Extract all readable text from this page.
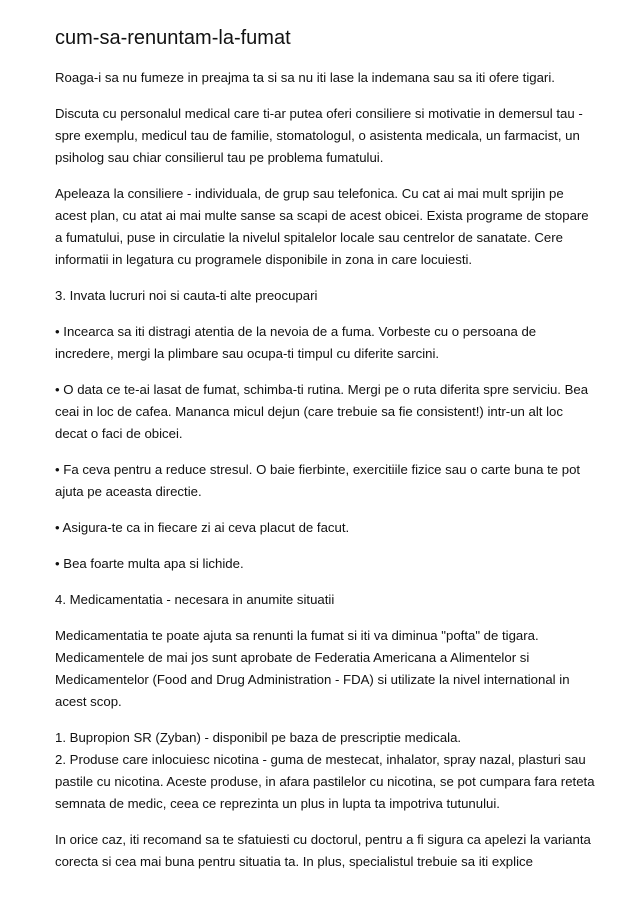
cum-sa-renuntam-la-fumat

Roaga-i sa nu fumeze in preajma ta si sa nu iti lase la indemana sau sa iti ofere tigari.

Discuta cu personalul medical care ti-ar putea oferi consiliere si motivatie in demersul tau - spre exemplu, medicul tau de familie, stomatologul, o asistenta medicala, un farmacist, un psiholog sau chiar consilierul tau pe problema fumatului.

Apeleaza la consiliere - individuala, de grup sau telefonica. Cu cat ai mai mult sprijin pe acest plan, cu atat ai mai multe sanse sa scapi de acest obicei. Exista programe de stopare a fumatului, puse in circulatie la nivelul spitalelor locale sau centrelor de sanatate. Cere informatii in legatura cu programele disponibile in zona in care locuiesti.

3. Invata lucruri noi si cauta-ti alte preocupari

• Incearca sa iti distragi atentia de la nevoia de a fuma. Vorbeste cu o persoana de incredere, mergi la plimbare sau ocupa-ti timpul cu diferite sarcini.

• O data ce te-ai lasat de fumat, schimba-ti rutina. Mergi pe o ruta diferita spre serviciu. Bea ceai in loc de cafea. Mananca micul dejun (care trebuie sa fie consistent!) intr-un alt loc decat o faci de obicei.

• Fa ceva pentru a reduce stresul. O baie fierbinte, exercitiile fizice sau o carte buna te pot ajuta pe aceasta directie.

• Asigura-te ca in fiecare zi ai ceva placut de facut.

• Bea foarte multa apa si lichide.

4. Medicamentatia - necesara in anumite situatii

Medicamentatia te poate ajuta sa renunti la fumat si iti va diminua "pofta" de tigara. Medicamentele de mai jos sunt aprobate de Federatia Americana a Alimentelor si Medicamentelor (Food and Drug Administration - FDA) si utilizate la nivel international in acest scop.

1. Bupropion SR (Zyban) - disponibil pe baza de prescriptie medicala.

2. Produse care inlocuiesc nicotina - guma de mestecat, inhalator, spray nazal, plasturi sau pastile cu nicotina. Aceste produse, in afara pastilelor cu nicotina, se pot cumpara fara reteta semnata de medic, ceea ce reprezinta un plus in lupta ta impotriva tutunului.

In orice caz, iti recomand sa te sfatuiesti cu doctorul, pentru a fi sigura ca apelezi la varianta corecta si cea mai buna pentru situatia ta. In plus, specialistul trebuie sa iti explice
